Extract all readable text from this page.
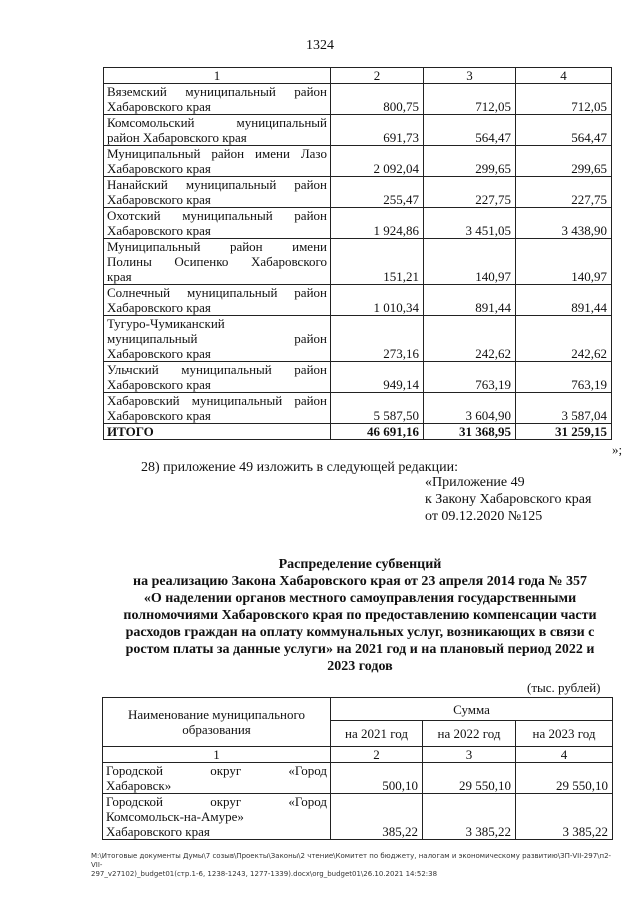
1324
1	2	3	4

Вяземский муниципальный район
Хабаровского края	800,75	712,05	712,05

Комсомольский муниципальный
район Хабаровского края	691,73	564,47	564,47

Муниципальный район имени Лазо
Хабаровского края	2 092,04	299,65	299,65

Нанайский муниципальный район
Хабаровского края	255,47	227,75	227,75

Охотский муниципальный район
Хабаровского края	1 924,86	3 451,05	3 438,90

Муниципальный район имени
Полины Осипенко Хабаровского
края	151,21	140,97	140,97

Солнечный муниципальный район
Хабаровского края	1 010,34	891,44	891,44

Тугуро-Чумиканский
муниципальный район
Хабаровского края	273,16	242,62	242,62

Ульчский муниципальный район
Хабаровского края	949,14	763,19	763,19

Хабаровский муниципальный район
Хабаровского края	5 587,50	3 604,90	3 587,04
ИТОГО	46 691,16	31 368,95	31 259,15
»;
28) приложение 49 изложить в следующей редакции:
«Приложение 49
к Закону Хабаровского края
от 09.12.2020 №125
Распределение субвенций
на реализацию Закона Хабаровского края от 23 апреля 2014 года № 357
«О наделении органов местного самоуправления государственными
полномочиями Хабаровского края по предоставлению компенсации части
расходов граждан на оплату коммунальных услуг, возникающих в связи с
ростом платы за данные услуги» на 2021 год и на плановый период 2022 и
2023 годов
(тыс. рублей)
Наименование муниципального
образования	Сумма		
	на 2021 год	на 2022 год	на 2023 год
1	2	3	4

Городской округ «Город
Хабаровск»	500,10	29 550,10	29 550,10

Городской округ «Город
Комсомольск-на-Амуре»
Хабаровского края	385,22	3 385,22	3 385,22
M:\Итоговые документы Думы\7 созыв\Проекты\Законы\2 чтение\Комитет по бюджету, налогам и экономическому развитию\ЗП-VII-297\п2-VII-
297_v27102)_budget01(стр.1-6, 1238-1243, 1277-1339).docx\org_budget01\26.10.2021 14:52:38
